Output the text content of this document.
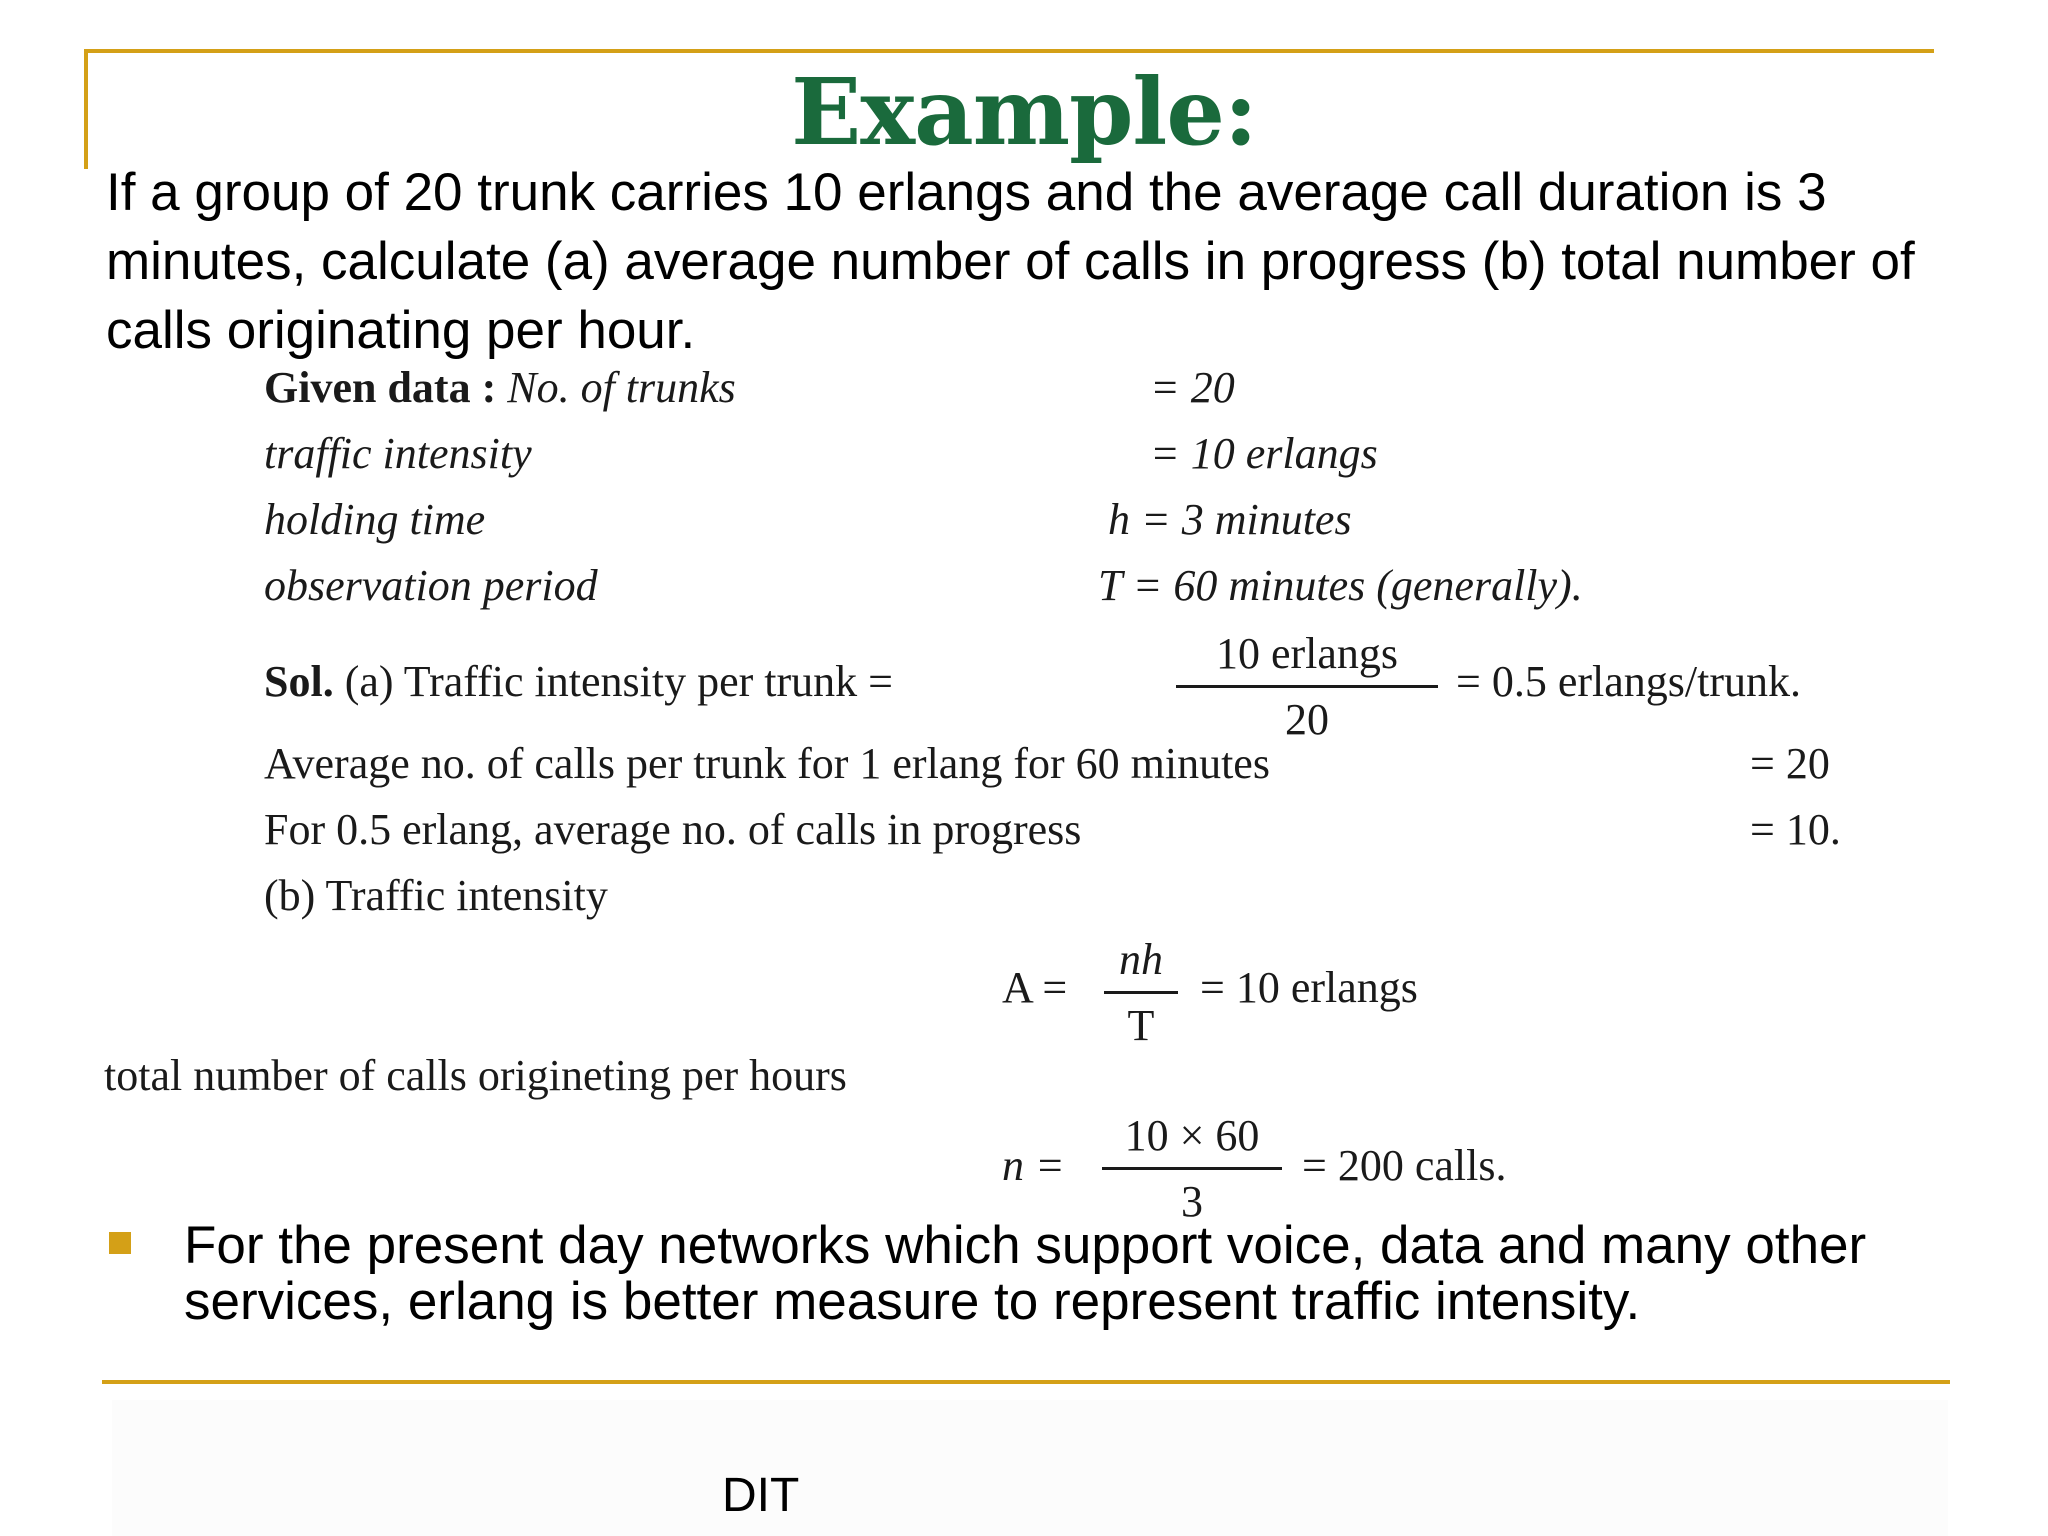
Example:
If a group of 20 trunk carries 10 erlangs and the average call duration is 3 minutes, calculate (a) average number of calls in progress (b) total number of calls originating per hour.
Given data : No. of trunks	= 20
traffic intensity	= 10 erlangs
holding time	h = 3 minutes
observation period	T = 60 minutes (generally).
Sol. (a) Traffic intensity per trunk =
10 erlangs
20
= 0.5 erlangs/trunk.
Average no. of calls per trunk for 1 erlang for 60 minutes	= 20
For 0.5 erlang, average no. of calls in progress	= 10.
(b) Traffic intensity
A =
nh
T
= 10 erlangs
total number of calls origineting per hours
n =
10 × 60
3
= 200 calls.
For the present day networks which support voice, data and many other services, erlang is better measure to represent traffic intensity.
DIT
